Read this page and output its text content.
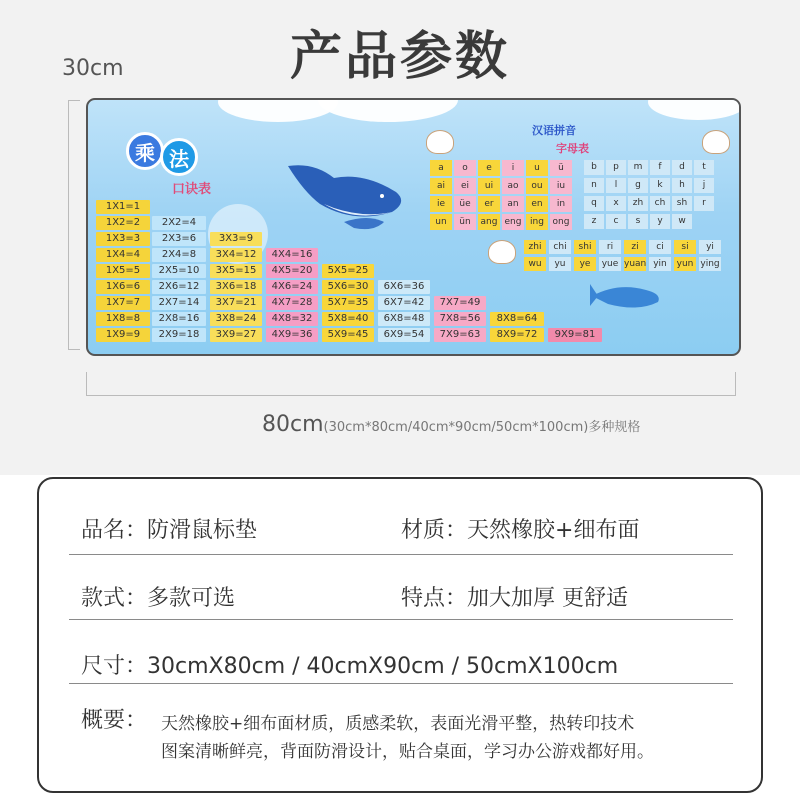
产品参数
30cm
80cm(30cm*80cm/40cm*90cm/50cm*100cm)多种规格
乘 法
口诀表
1X1=1
1X2=2	2X2=4
1X3=3	2X3=6	3X3=9
1X4=4	2X4=8	3X4=12	4X4=16
1X5=5	2X5=10	3X5=15	4X5=20	5X5=25
1X6=6	2X6=12	3X6=18	4X6=24	5X6=30	6X6=36
1X7=7	2X7=14	3X7=21	4X7=28	5X7=35	6X7=42	7X7=49
1X8=8	2X8=16	3X8=24	4X8=32	5X8=40	6X8=48	7X8=56	8X8=64
1X9=9	2X9=18	3X9=27	4X9=36	5X9=45	6X9=54	7X9=63	8X9=72	9X9=81
汉语拼音
字母表
a	o	e	i	u	ü
ai	ei	ui	ao	ou	iu
ie	üe	er	an	en	in
un	ün	ang eng ing ong
b	p	m	f	d	t
n	l	g	k	h	j
q	x	zh	ch	sh	r
z	c	s	y	w
zhi	chi	shi	ri	zi	ci	si	yi
wu	yu	ye	yue yuan yin	yun ying
品名：防滑鼠标垫	材质：天然橡胶+细布面
款式：多款可选	特点：加大加厚 更舒适
尺寸：30cmX80cm / 40cmX90cm / 50cmX100cm
概要： 天然橡胶+细布面材质，质感柔软，表面光滑平整，热转印技术
图案清晰鲜亮，背面防滑设计，贴合桌面，学习办公游戏都好用。
